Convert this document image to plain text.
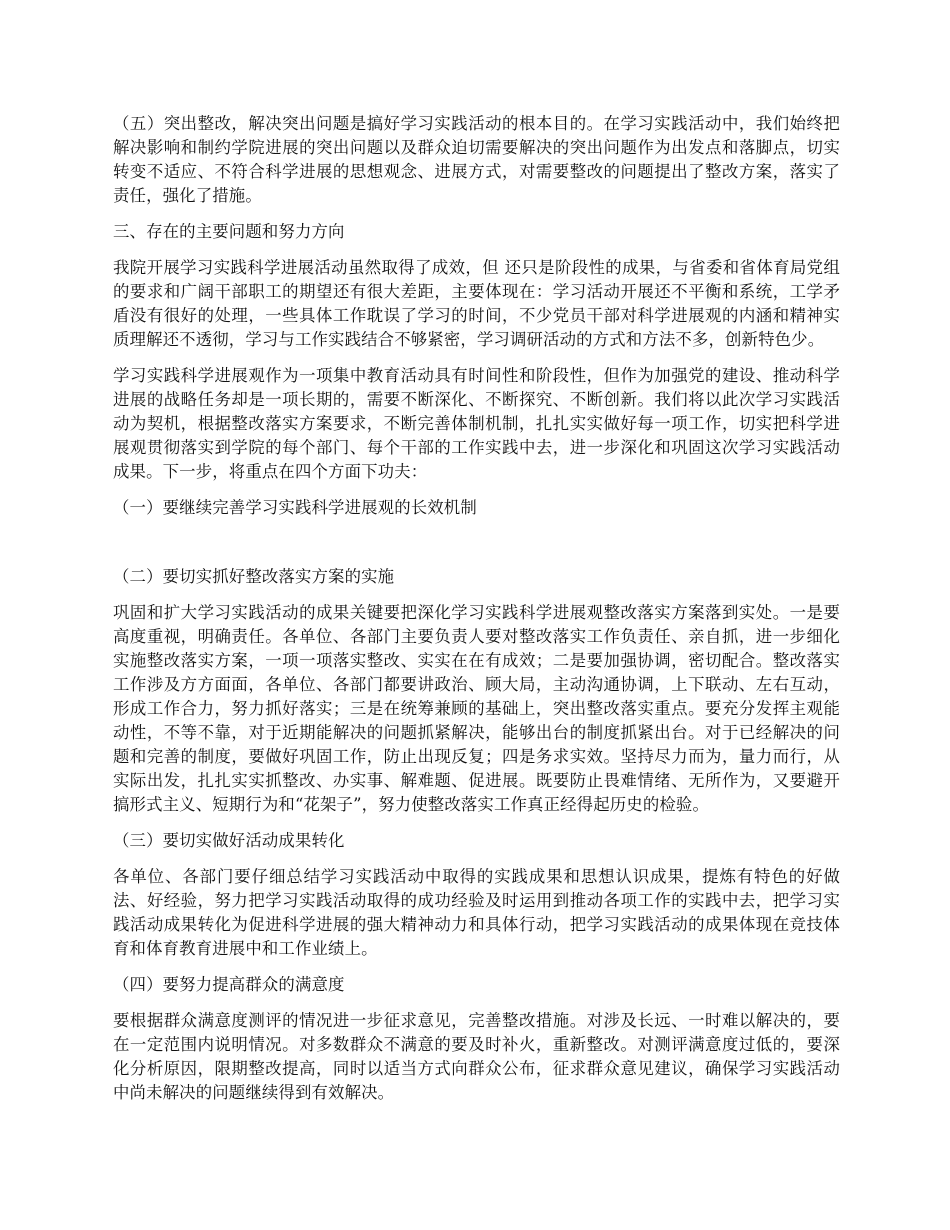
（五）突出整改，解决突出问题是搞好学习实践活动的根本目的。在学习实践活动中，我们始终把解决影响和制约学院进展的突出问题以及群众迫切需要解决的突出问题作为出发点和落脚点，切实转变不适应、不符合科学进展的思想观念、进展方式，对需要整改的问题提出了整改方案，落实了责任，强化了措施。

三、存在的主要问题和努力方向

我院开展学习实践科学进展活动虽然取得了成效，但 还只是阶段性的成果，与省委和省体育局党组的要求和广阔干部职工的期望还有很大差距，主要体现在：学习活动开展还不平衡和系统，工学矛盾没有很好的处理，一些具体工作耽误了学习的时间，不少党员干部对科学进展观的内涵和精神实质理解还不透彻，学习与工作实践结合不够紧密，学习调研活动的方式和方法不多，创新特色少。

学习实践科学进展观作为一项集中教育活动具有时间性和阶段性，但作为加强党的建设、推动科学进展的战略任务却是一项长期的，需要不断深化、不断探究、不断创新。我们将以此次学习实践活动为契机，根据整改落实方案要求，不断完善体制机制，扎扎实实做好每一项工作，切实把科学进展观贯彻落实到学院的每个部门、每个干部的工作实践中去，进一步深化和巩固这次学习实践活动成果。下一步，将重点在四个方面下功夫：

（一）要继续完善学习实践科学进展观的长效机制

（二）要切实抓好整改落实方案的实施

巩固和扩大学习实践活动的成果关键要把深化学习实践科学进展观整改落实方案落到实处。一是要高度重视，明确责任。各单位、各部门主要负责人要对整改落实工作负责任、亲自抓，进一步细化实施整改落实方案，一项一项落实整改、实实在在有成效；二是要加强协调，密切配合。整改落实工作涉及方方面面，各单位、各部门都要讲政治、顾大局，主动沟通协调，上下联动、左右互动，形成工作合力，努力抓好落实；三是在统筹兼顾的基础上，突出整改落实重点。要充分发挥主观能动性，不等不靠，对于近期能解决的问题抓紧解决，能够出台的制度抓紧出台。对于已经解决的问题和完善的制度，要做好巩固工作，防止出现反复；四是务求实效。坚持尽力而为，量力而行，从实际出发，扎扎实实抓整改、办实事、解难题、促进展。既要防止畏难情绪、无所作为，又要避开搞形式主义、短期行为和“花架子”，努力使整改落实工作真正经得起历史的检验。

（三）要切实做好活动成果转化

各单位、各部门要仔细总结学习实践活动中取得的实践成果和思想认识成果，提炼有特色的好做法、好经验，努力把学习实践活动取得的成功经验及时运用到推动各项工作的实践中去，把学习实践活动成果转化为促进科学进展的强大精神动力和具体行动，把学习实践活动的成果体现在竞技体育和体育教育进展中和工作业绩上。

（四）要努力提高群众的满意度

要根据群众满意度测评的情况进一步征求意见，完善整改措施。对涉及长远、一时难以解决的，要在一定范围内说明情况。对多数群众不满意的要及时补火，重新整改。对测评满意度过低的，要深化分析原因，限期整改提高，同时以适当方式向群众公布，征求群众意见建议，确保学习实践活动中尚未解决的问题继续得到有效解决。
